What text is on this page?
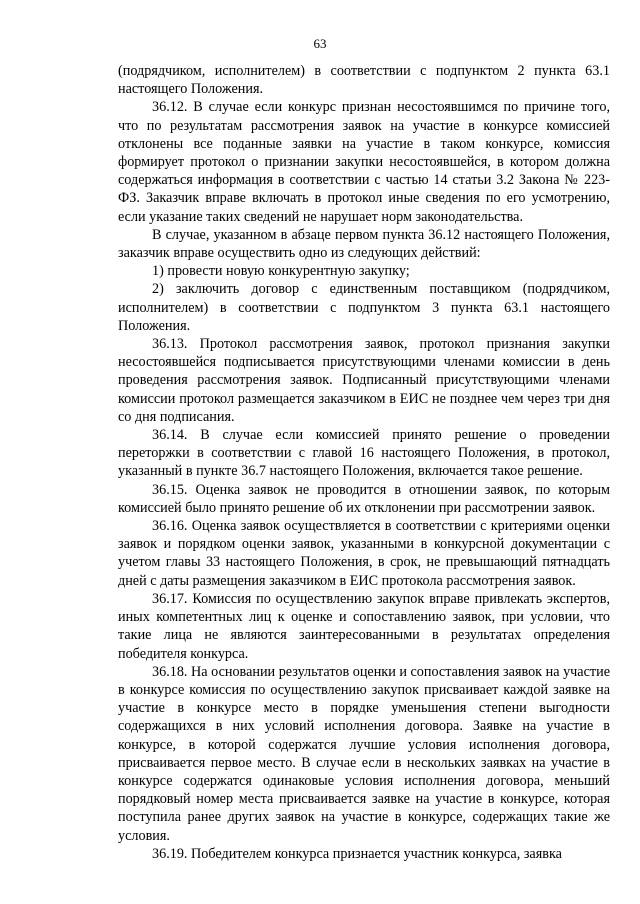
63

(подрядчиком, исполнителем) в соответствии с подпунктом 2 пункта 63.1 настоящего Положения.

36.12. В случае если конкурс признан несостоявшимся по причине того, что по результатам рассмотрения заявок на участие в конкурсе комиссией отклонены все поданные заявки на участие в таком конкурсе, комиссия формирует протокол о признании закупки несостоявшейся, в котором должна содержаться информация в соответствии с частью 14 статьи 3.2 Закона № 223-ФЗ. Заказчик вправе включать в протокол иные сведения по его усмотрению, если указание таких сведений не нарушает норм законодательства.

В случае, указанном в абзаце первом пункта 36.12 настоящего Положения, заказчик вправе осуществить одно из следующих действий:

1) провести новую конкурентную закупку;

2) заключить договор с единственным поставщиком (подрядчиком, исполнителем) в соответствии с подпунктом 3 пункта 63.1 настоящего Положения.

36.13. Протокол рассмотрения заявок, протокол признания закупки несостоявшейся подписывается присутствующими членами комиссии в день проведения рассмотрения заявок. Подписанный присутствующими членами комиссии протокол размещается заказчиком в ЕИС не позднее чем через три дня со дня подписания.

36.14. В случае если комиссией принято решение о проведении переторжки в соответствии с главой 16 настоящего Положения, в протокол, указанный в пункте 36.7 настоящего Положения, включается такое решение.

36.15. Оценка заявок не проводится в отношении заявок, по которым комиссией было принято решение об их отклонении при рассмотрении заявок.

36.16. Оценка заявок осуществляется в соответствии с критериями оценки заявок и порядком оценки заявок, указанными в конкурсной документации с учетом главы 33 настоящего Положения, в срок, не превышающий пятнадцать дней с даты размещения заказчиком в ЕИС протокола рассмотрения заявок.

36.17. Комиссия по осуществлению закупок вправе привлекать экспертов, иных компетентных лиц к оценке и сопоставлению заявок, при условии, что такие лица не являются заинтересованными в результатах определения победителя конкурса.

36.18. На основании результатов оценки и сопоставления заявок на участие в конкурсе комиссия по осуществлению закупок присваивает каждой заявке на участие в конкурсе место в порядке уменьшения степени выгодности содержащихся в них условий исполнения договора. Заявке на участие в конкурсе, в которой содержатся лучшие условия исполнения договора, присваивается первое место. В случае если в нескольких заявках на участие в конкурсе содержатся одинаковые условия исполнения договора, меньший порядковый номер места присваивается заявке на участие в конкурсе, которая поступила ранее других заявок на участие в конкурсе, содержащих такие же условия.

36.19. Победителем конкурса признается участник конкурса, заявка
